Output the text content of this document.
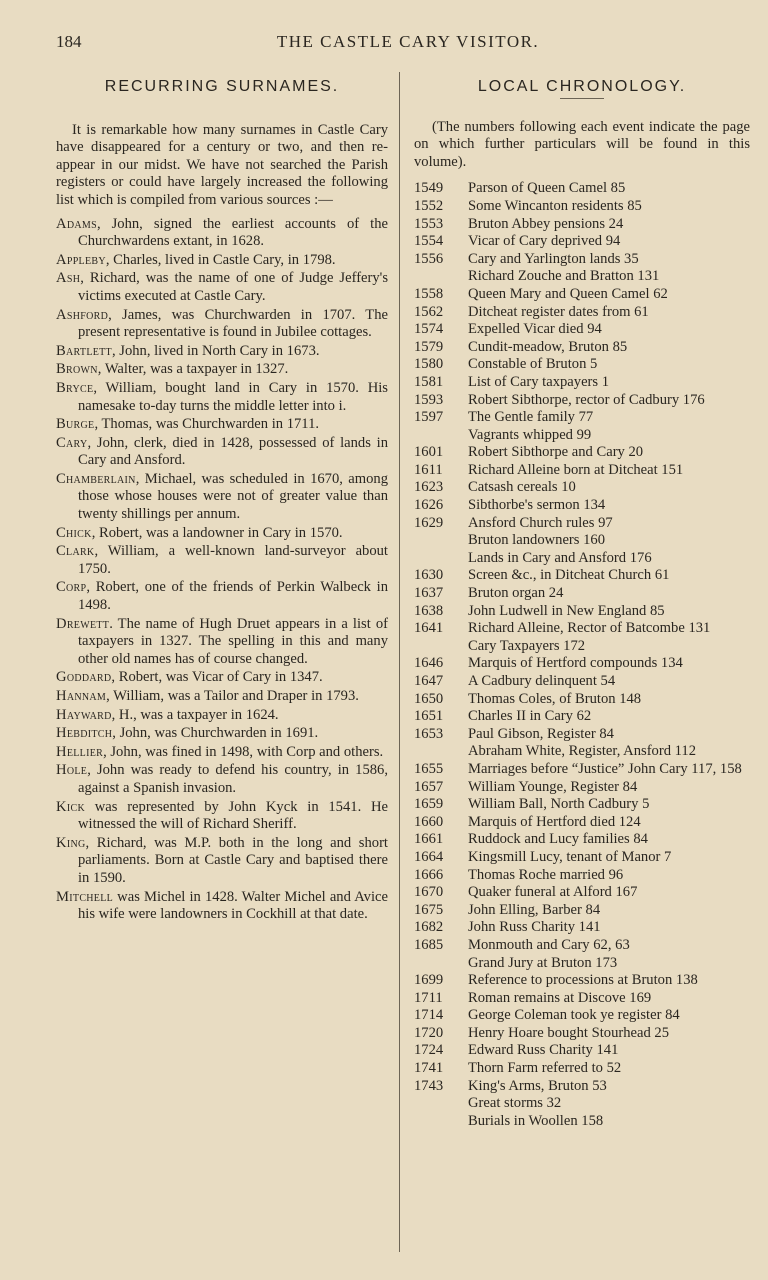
184	THE CASTLE CARY VISITOR.
RECURRING SURNAMES.

It is remarkable how many surnames in Castle Cary have disappeared for a century or two, and then re-appear in our midst. We have not searched the Parish registers or could have largely increased the following list which is compiled from various sources :—

Adams, John, signed the earliest accounts of the Churchwardens extant, in 1628.

Appleby, Charles, lived in Castle Cary, in 1798.

Ash, Richard, was the name of one of Judge Jeffery's victims executed at Castle Cary.

Ashford, James, was Churchwarden in 1707. The present representative is found in Jubilee cottages.

Bartlett, John, lived in North Cary in 1673.

Brown, Walter, was a taxpayer in 1327.

Bryce, William, bought land in Cary in 1570. His namesake to-day turns the middle letter into i.

Burge, Thomas, was Churchwarden in 1711.

Cary, John, clerk, died in 1428, possessed of lands in Cary and Ansford.

Chamberlain, Michael, was scheduled in 1670, among those whose houses were not of greater value than twenty shillings per annum.

Chick, Robert, was a landowner in Cary in 1570.

Clark, William, a well-known land-surveyor about 1750.

Corp, Robert, one of the friends of Perkin Walbeck in 1498.

Drewett. The name of Hugh Druet appears in a list of taxpayers in 1327. The spelling in this and many other old names has of course changed.

Goddard, Robert, was Vicar of Cary in 1347.

Hannam, William, was a Tailor and Draper in 1793.

Hayward, H., was a taxpayer in 1624.

Hebditch, John, was Churchwarden in 1691.

Hellier, John, was fined in 1498, with Corp and others.

Hole, John was ready to defend his country, in 1586, against a Spanish invasion.

Kick was represented by John Kyck in 1541. He witnessed the will of Richard Sheriff.

King, Richard, was M.P. both in the long and short parliaments. Born at Castle Cary and baptised there in 1590.

Mitchell was Michel in 1428. Walter Michel and Avice his wife were landowners in Cockhill at that date.

LOCAL CHRONOLOGY.

(The numbers following each event indicate the page on which further particulars will be found in this volume).

1549	Parson of Queen Camel 85
1552	Some Wincanton residents 85
1553	Bruton Abbey pensions 24
1554	Vicar of Cary deprived 94
1556	Cary and Yarlington lands 35
Richard Zouche and Bratton 131
1558	Queen Mary and Queen Camel 62
1562	Ditcheat register dates from 61
1574	Expelled Vicar died 94
1579	Cundit-meadow, Bruton 85
1580	Constable of Bruton 5
1581	List of Cary taxpayers 1
1593	Robert Sibthorpe, rector of Cadbury 176
1597	The Gentle family 77
Vagrants whipped 99
1601	Robert Sibthorpe and Cary 20
1611	Richard Alleine born at Ditcheat 151
1623	Catsash cereals 10
1626	Sibthorbe's sermon 134
1629	Ansford Church rules 97
Bruton landowners 160
Lands in Cary and Ansford 176
1630	Screen &c., in Ditcheat Church 61
1637	Bruton organ 24
1638	John Ludwell in New England 85
1641	Richard Alleine, Rector of Batcombe 131
Cary Taxpayers 172
1646	Marquis of Hertford compounds 134
1647	A Cadbury delinquent 54
1650	Thomas Coles, of Bruton 148
1651	Charles II in Cary 62
1653	Paul Gibson, Register 84
Abraham White, Register, Ansford 112
1655	Marriages before “Justice” John Cary 117, 158
1657	William Younge, Register 84
1659	William Ball, North Cadbury 5
1660	Marquis of Hertford died 124
1661	Ruddock and Lucy families 84
1664	Kingsmill Lucy, tenant of Manor 7
1666	Thomas Roche married 96
1670	Quaker funeral at Alford 167
1675	John Elling, Barber 84
1682	John Russ Charity 141
1685	Monmouth and Cary 62, 63
Grand Jury at Bruton 173
1699	Reference to processions at Bruton 138
1711	Roman remains at Discove 169
1714	George Coleman took ye register 84
1720	Henry Hoare bought Stourhead 25
1724	Edward Russ Charity 141
1741	Thorn Farm referred to 52
1743	King's Arms, Bruton 53
Great storms 32
Burials in Woollen 158
